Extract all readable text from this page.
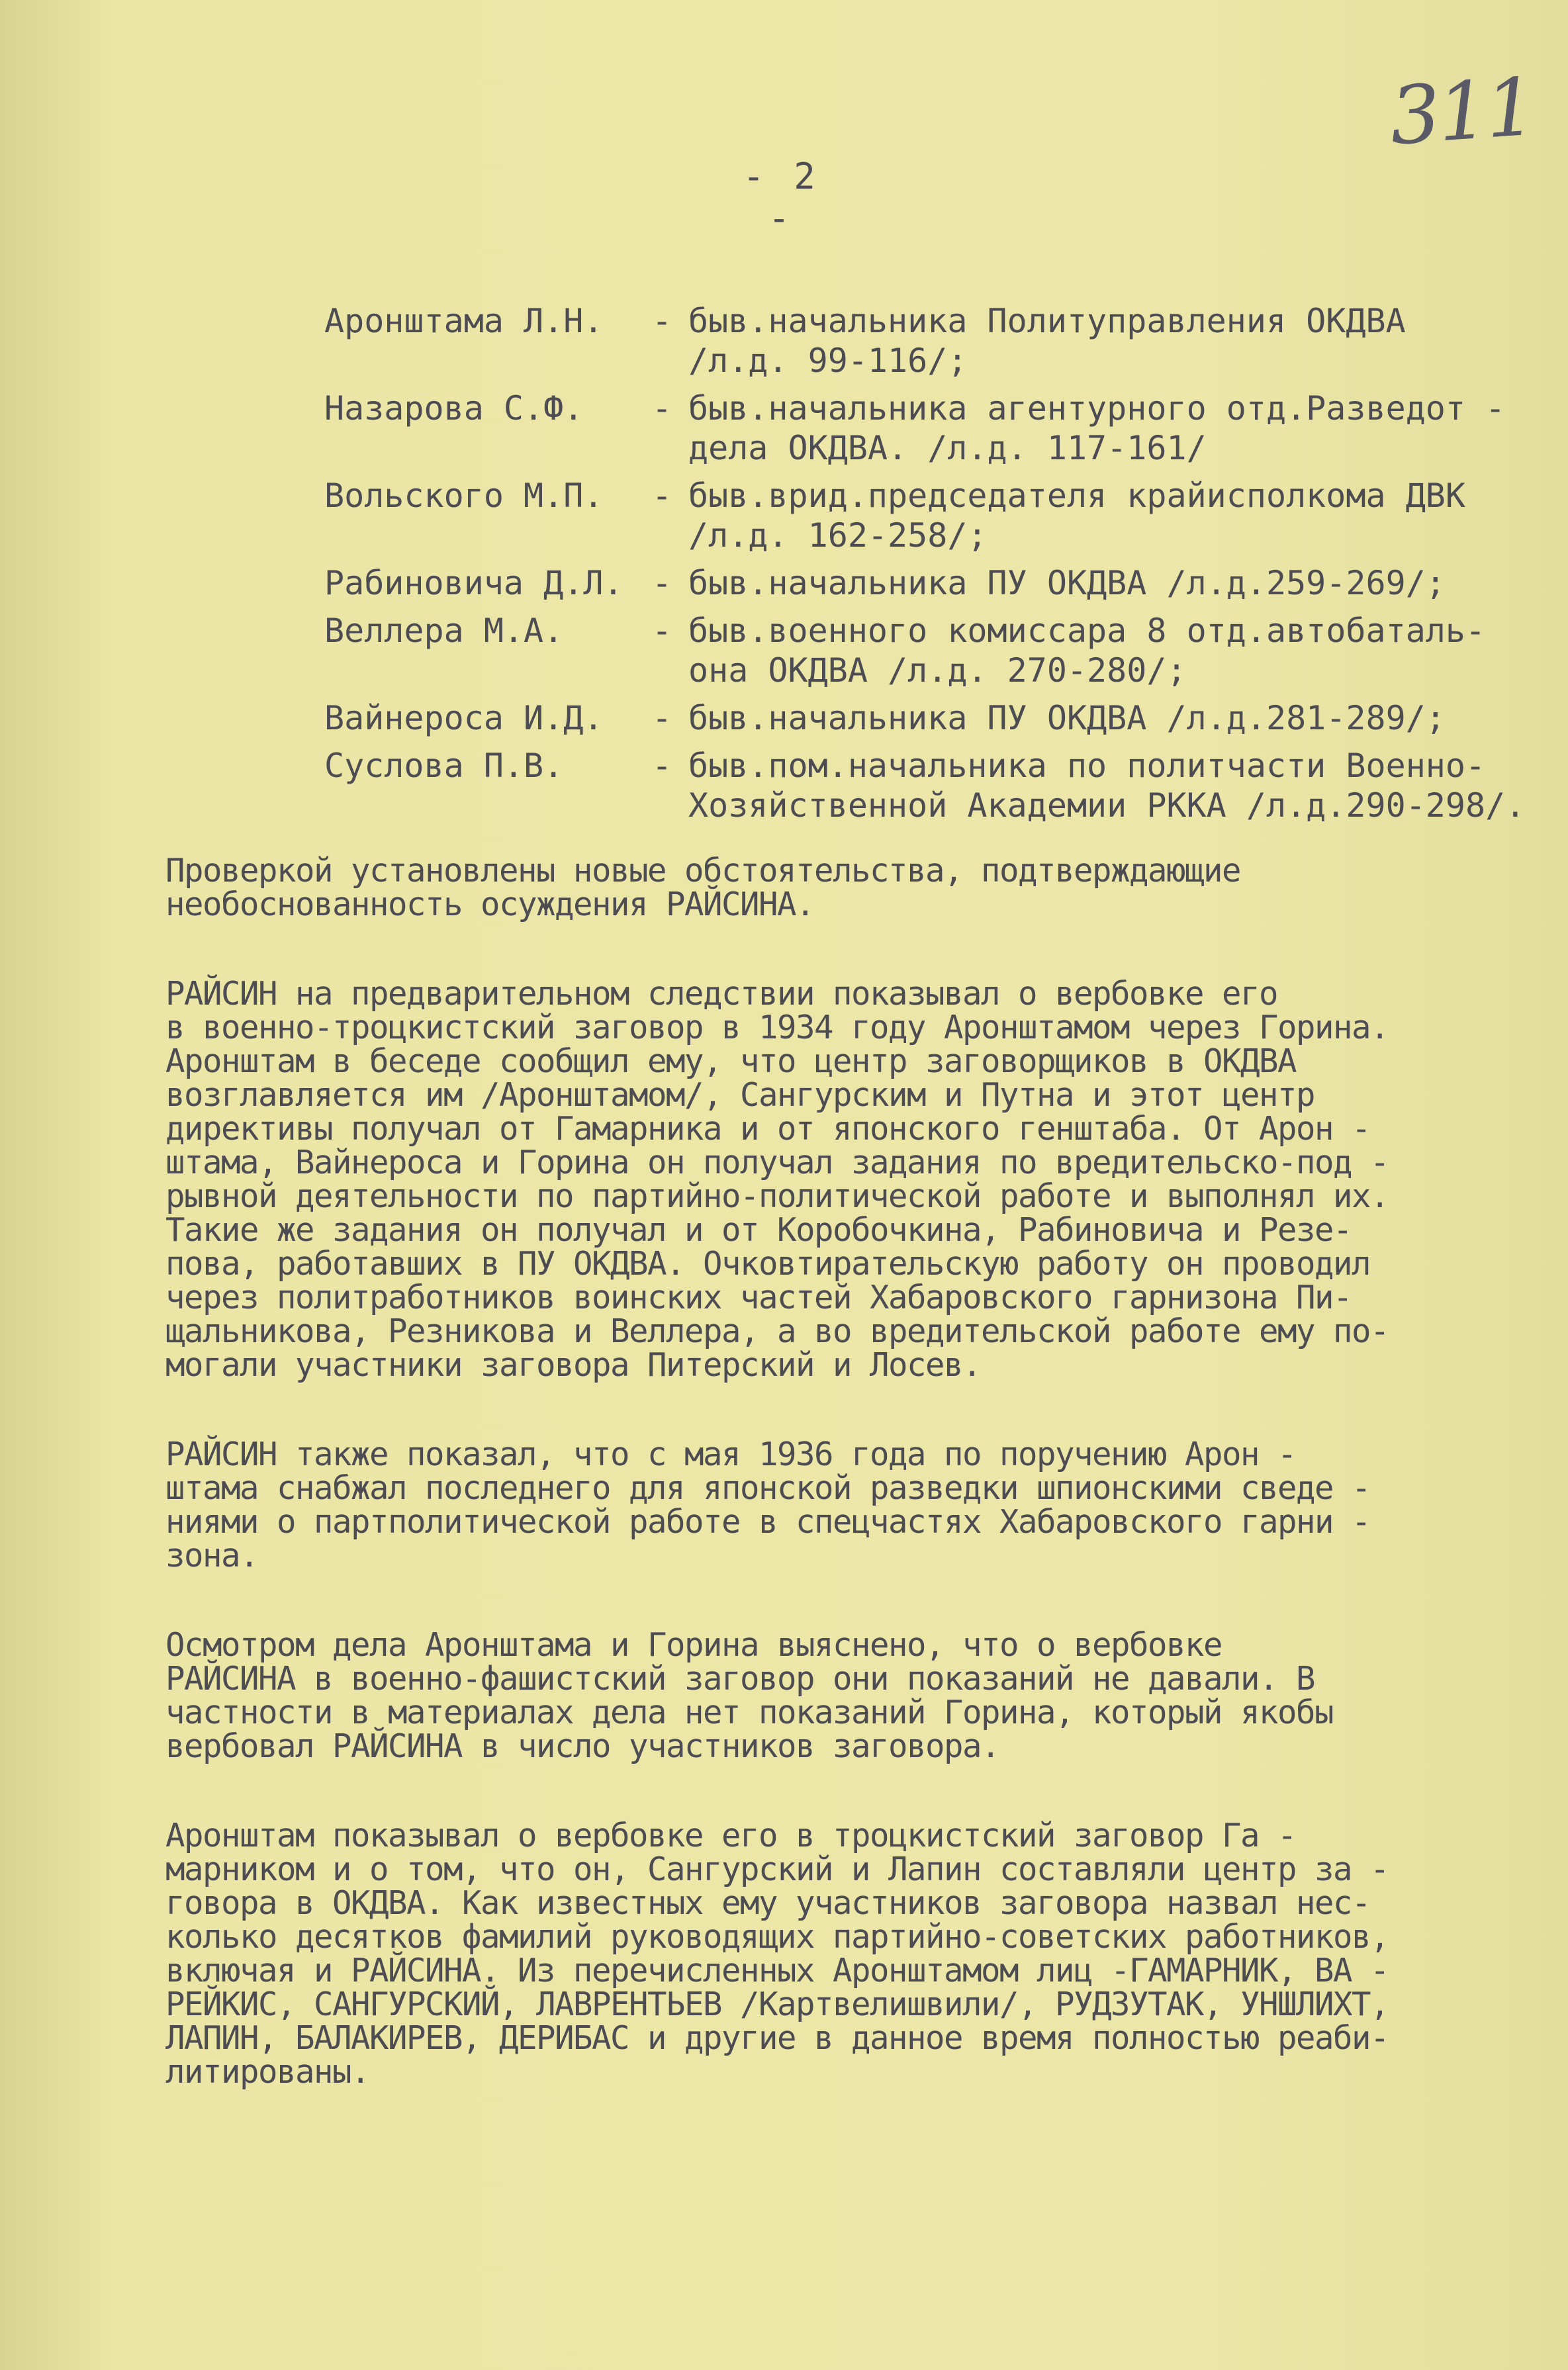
311
- 2 -
Аронштама Л.Н.	- быв.начальника Политуправления ОКДВА
/л.д. 99-116/;
Назарова С.Ф.	- быв.начальника агентурного отд.Разведот -
дела ОКДВА. /л.д. 117-161/
Вольского М.П.	- быв.врид.председателя крайисполкома ДВК
/л.д. 162-258/;
Рабиновича Д.Л. - быв.начальника ПУ ОКДВА /л.д.259-269/;
Веллера М.А.	- быв.военного комиссара 8 отд.автобаталь-
она ОКДВА /л.д. 270-280/;
Вайнероса И.Д.	- быв.начальника ПУ ОКДВА /л.д.281-289/;
Суслова П.В.	- быв.пом.начальника по политчасти Военно-
Хозяйственной Академии РККА /л.д.290-298/.

Проверкой установлены новые обстоятельства, подтверждающие
необоснованность осуждения РАЙСИНА.

РАЙСИН на предварительном следствии показывал о вербовке его
в военно-троцкистский заговор в 1934 году Аронштамом через Горина.
Аронштам в беседе сообщил ему, что центр заговорщиков в ОКДВА
возглавляется им /Аронштамом/, Сангурским и Путна и этот центр
директивы получал от Гамарника и от японского генштаба. От Арон -
штама, Вайнероса и Горина он получал задания по вредительско-под -
рывной деятельности по партийно-политической работе и выполнял их.
Такие же задания он получал и от Коробочкина, Рабиновича и Резе-
пова, работавших в ПУ ОКДВА. Очковтирательскую работу он проводил
через политработников воинских частей Хабаровского гарнизона Пи-
щальникова, Резникова и Веллера, а во вредительской работе ему по-
могали участники заговора Питерский и Лосев.

РАЙСИН также показал, что с мая 1936 года по поручению Арон -
штама снабжал последнего для японской разведки шпионскими сведе -
ниями о партполитической работе в спецчастях Хабаровского гарни -
зона.

Осмотром дела Аронштама и Горина выяснено, что о вербовке
РАЙСИНА в военно-фашистский заговор они показаний не давали. В
частности в материалах дела нет показаний Горина, который якобы
вербовал РАЙСИНА в число участников заговора.

Аронштам показывал о вербовке его в троцкистский заговор Га -
марником и о том, что он, Сангурский и Лапин составляли центр за -
говора в ОКДВА. Как известных ему участников заговора назвал нес-
колько десятков фамилий руководящих партийно-советских работников,
включая и РАЙСИНА. Из перечисленных Аронштамом лиц -ГАМАРНИК, ВА -
РЕЙКИС, САНГУРСКИЙ, ЛАВРЕНТЬЕВ /Картвелишвили/, РУДЗУТАК, УНШЛИХТ,
ЛАПИН, БАЛАКИРЕВ, ДЕРИБАС и другие в данное время полностью реаби-
литированы.
